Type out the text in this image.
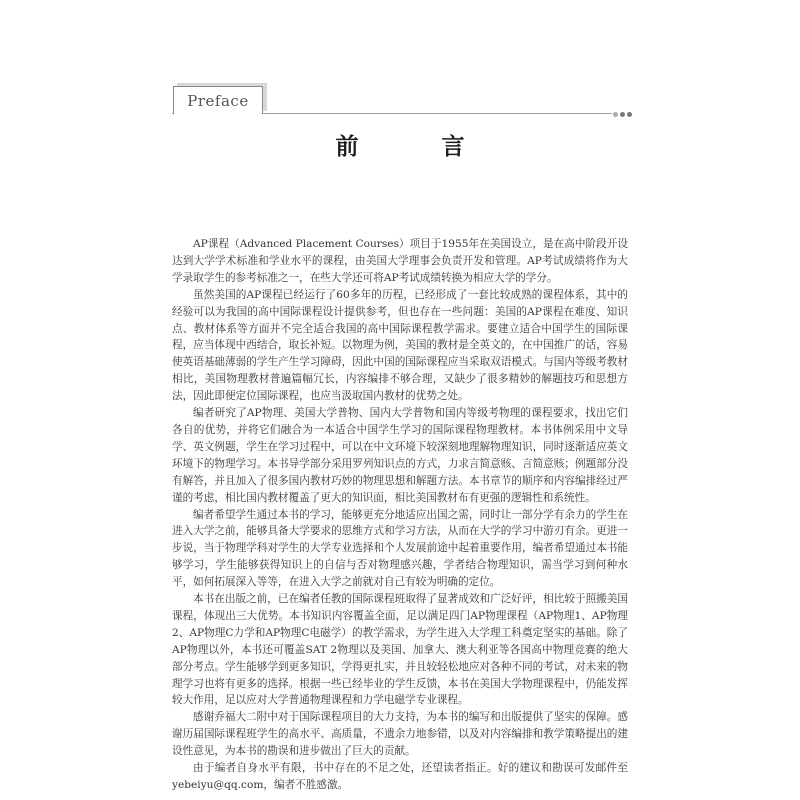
Preface
前　言

AP课程（Advanced Placement Courses）项目于1955年在美国设立，是在高中阶段开设达到大学学术标准和学业水平的课程，由美国大学理事会负责开发和管理。AP考试成绩将作为大学录取学生的参考标准之一，在些大学还可将AP考试成绩转换为相应大学的学分。

虽然美国的AP课程已经运行了60多年的历程，已经形成了一套比较成熟的课程体系，其中的经验可以为我国的高中国际课程设计提供参考，但也存在一些问题：美国的AP课程在难度、知识点、教材体系等方面并不完全适合我国的高中国际课程教学需求。要建立适合中国学生的国际课程，应当体现中西结合，取长补短。以物理为例，美国的教材是全英文的，在中国推广的话，容易使英语基础薄弱的学生产生学习障碍，因此中国的国际课程应当采取双语模式。与国内等级考教材相比，美国物理教材普遍篇幅冗长，内容编排不够合理，又缺少了很多精妙的解题技巧和思想方法，因此即便定位国际课程，也应当汲取国内教材的优势之处。

编者研究了AP物理、美国大学普物、国内大学普物和国内等级考物理的课程要求，找出它们各自的优势，并将它们融合为一本适合中国学生学习的国际课程物理教材。本书体例采用中文导学、英文例题，学生在学习过程中，可以在中文环境下较深刻地理解物理知识，同时逐渐适应英文环境下的物理学习。本书导学部分采用罗列知识点的方式，力求言简意赅、言简意赅；例题部分没有解答，并且加入了很多国内教材巧妙的物理思想和解题方法。本书章节的顺序和内容编排经过严谨的考虑，相比国内教材覆盖了更大的知识面，相比美国教材布有更强的逻辑性和系统性。

编者希望学生通过本书的学习，能够更充分地适应出国之需，同时让一部分学有余力的学生在进入大学之前，能够具备大学要求的思维方式和学习方法，从而在大学的学习中游刃有余。更进一步说，当于物理学科对学生的大学专业选择和个人发展前途中起着重要作用，编者希望通过本书能够学习，学生能够获得知识上的自信与否对物理感兴趣，学者结合物理知识，需当学习到何种水平，如何拓展深入等等，在进入大学之前就对自己有较为明确的定位。

本书在出版之前，已在编者任教的国际课程班取得了显著成效和广泛好评，相比较于照搬美国课程，体现出三大优势。本书知识内容覆盖全面，足以满足四门AP物理课程（AP物理1、AP物理2、AP物理C力学和AP物理C电磁学）的教学需求，为学生进入大学理工科奠定坚实的基础。除了AP物理以外，本书还可覆盖SAT 2物理以及美国、加拿大、澳大利亚等各国高中物理竞赛的绝大部分考点。学生能够学到更多知识，学得更扎实，并且较轻松地应对各种不同的考试，对未来的物理学习也将有更多的选择。根据一些已经毕业的学生反馈，本书在美国大学物理课程中，仍能发挥较大作用，足以应对大学普通物理课程和力学电磁学专业课程。

感谢乔福大二附中对于国际课程项目的大力支持，为本书的编写和出版提供了坚实的保障。感谢历届国际课程班学生的高水平、高质量，不遗余力地参错，以及对内容编排和教学策略提出的建设性意见，为本书的勘误和进步做出了巨大的贡献。

由于编者自身水平有限，书中存在的不足之处，还望读者指正。好的建议和勘误可发邮件至yebeiyu@qq.com，编者不胜感激。
